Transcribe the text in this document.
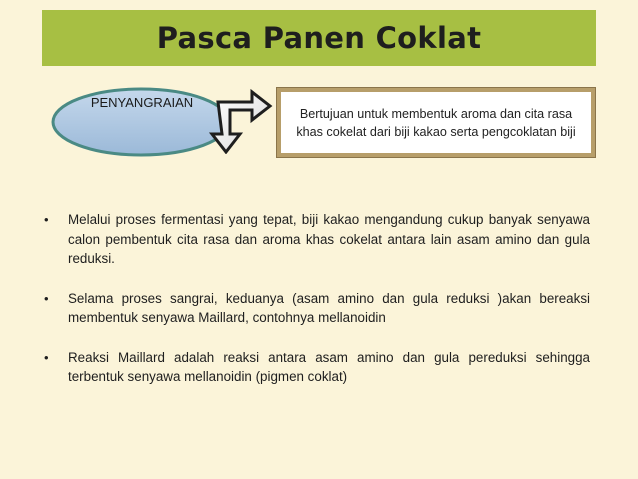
Pasca Panen Coklat
PENYANGRAIAN
Bertujuan untuk membentuk aroma dan cita rasa khas cokelat dari biji kakao serta pengcoklatan biji
• Melalui proses fermentasi yang tepat, biji kakao mengandung cukup banyak senyawa calon pembentuk cita rasa dan aroma khas cokelat antara lain asam amino dan gula reduksi.
• Selama proses sangrai, keduanya (asam amino dan gula reduksi )akan bereaksi membentuk senyawa Maillard, contohnya mellanoidin
• Reaksi Maillard adalah reaksi antara asam amino dan gula pereduksi sehingga terbentuk senyawa mellanoidin (pigmen coklat)
